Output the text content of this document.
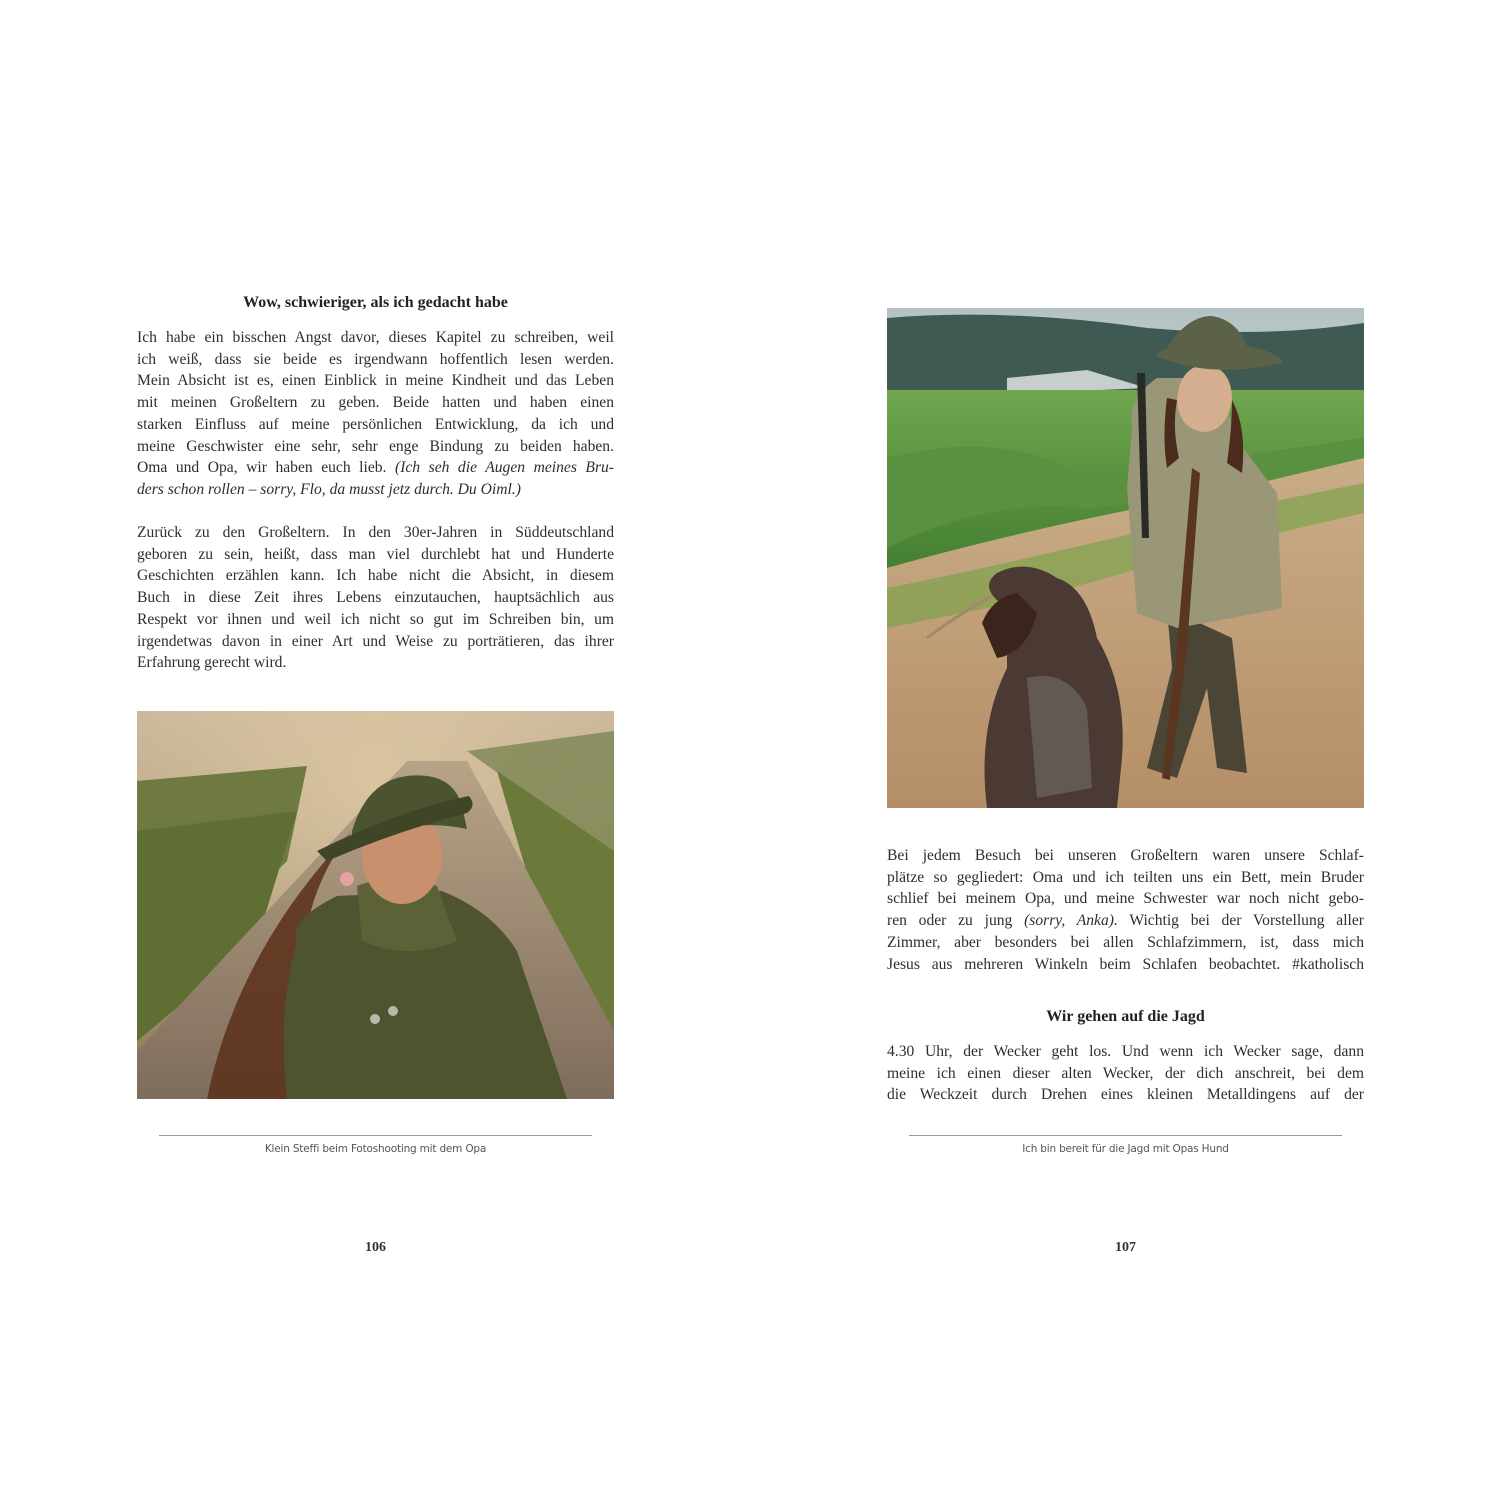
Wow, schwieriger, als ich gedacht habe
Ich habe ein bisschen Angst davor, dieses Kapitel zu schreiben, weil
ich weiß, dass sie beide es irgendwann hoffentlich lesen werden.
Mein Absicht ist es, einen Einblick in meine Kindheit und das Leben
mit meinen Großeltern zu geben. Beide hatten und haben einen
starken Einfluss auf meine persönlichen Entwicklung, da ich und
meine Geschwister eine sehr, sehr enge Bindung zu beiden haben.
Oma und Opa, wir haben euch lieb. (Ich seh die Augen meines Bru-
ders schon rollen – sorry, Flo, da musst jetz durch. Du Oiml.)
Zurück zu den Großeltern. In den 30er-Jahren in Süddeutschland
geboren zu sein, heißt, dass man viel durchlebt hat und Hunderte
Geschichten erzählen kann. Ich habe nicht die Absicht, in diesem
Buch in diese Zeit ihres Lebens einzutauchen, hauptsächlich aus
Respekt vor ihnen und weil ich nicht so gut im Schreiben bin, um
irgendetwas davon in einer Art und Weise zu porträtieren, das ihrer
Erfahrung gerecht wird.
Klein Steffi beim Fotoshooting mit dem Opa
106
Bei jedem Besuch bei unseren Großeltern waren unsere Schlaf-
plätze so gegliedert: Oma und ich teilten uns ein Bett, mein Bruder
schlief bei meinem Opa, und meine Schwester war noch nicht gebo-
ren oder zu jung (sorry, Anka). Wichtig bei der Vorstellung aller
Zimmer, aber besonders bei allen Schlafzimmern, ist, dass mich
Jesus aus mehreren Winkeln beim Schlafen beobachtet. #katholisch
Wir gehen auf die Jagd
4.30 Uhr, der Wecker geht los. Und wenn ich Wecker sage, dann
meine ich einen dieser alten Wecker, der dich anschreit, bei dem
die Weckzeit durch Drehen eines kleinen Metalldingens auf der
Ich bin bereit für die Jagd mit Opas Hund
107
